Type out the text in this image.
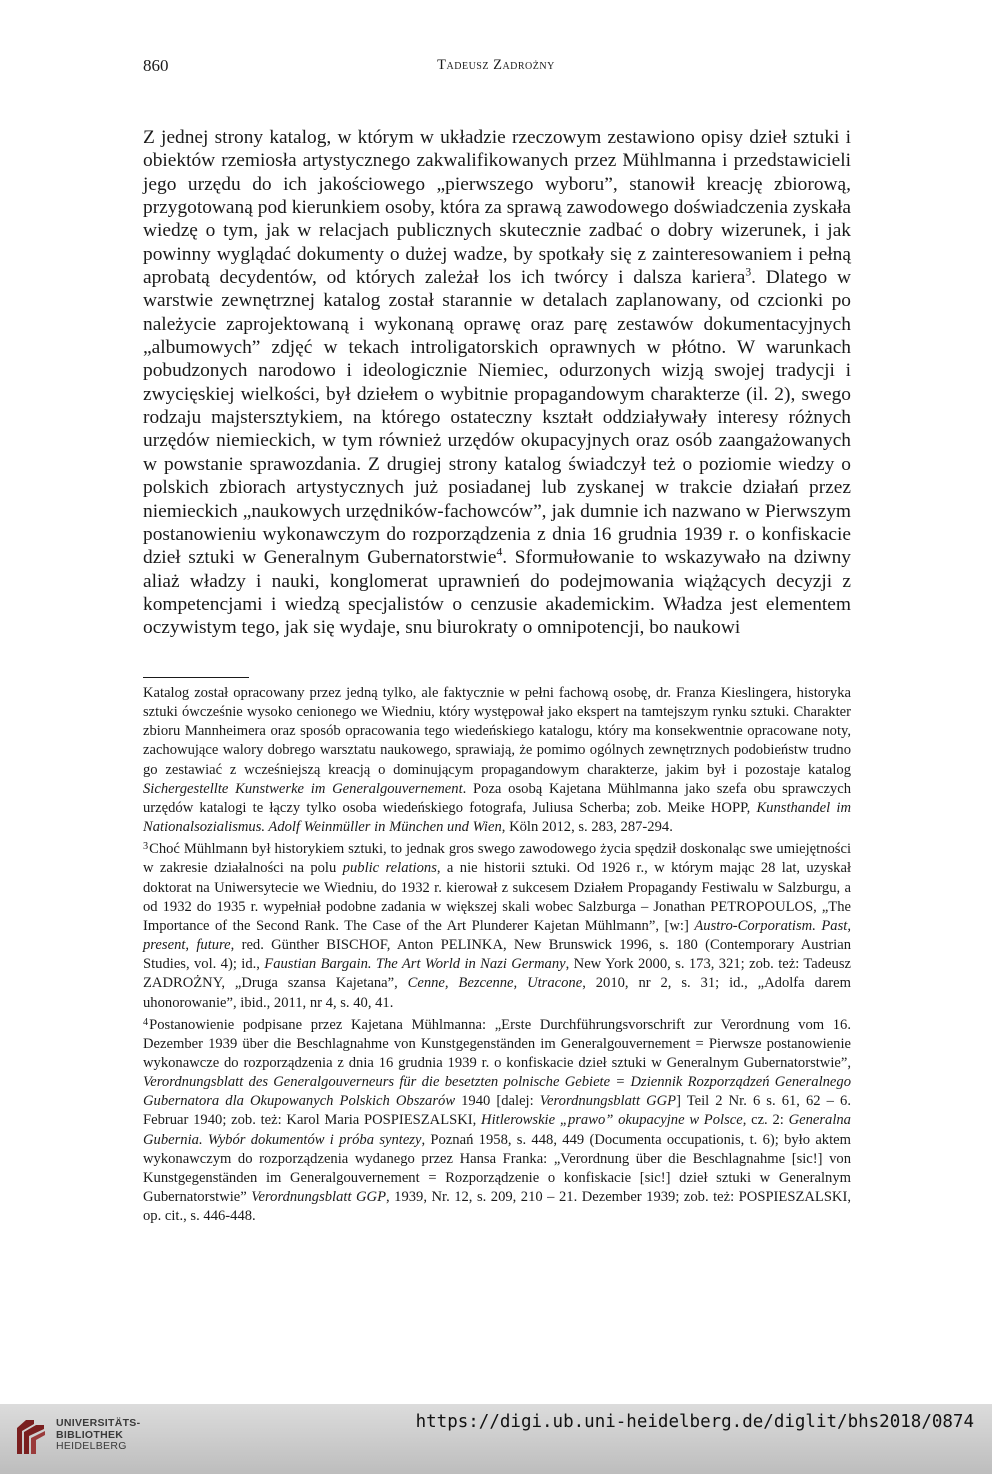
860	Tadeusz Zadrożny

Z jednej strony katalog, w którym w układzie rzeczowym zestawiono opisy dzieł sztuki i obiektów rzemiosła artystycznego zakwalifikowanych przez Mühlmanna i przedstawicieli jego urzędu do ich jakościowego „pierwszego wyboru”, stanowił kreację zbiorową, przygotowaną pod kierunkiem osoby, która za sprawą zawodowego doświadczenia zyskała wiedzę o tym, jak w relacjach publicznych skutecznie zadbać o dobry wizerunek, i jak powinny wyglądać dokumenty o dużej wadze, by spotkały się z zainteresowaniem i pełną aprobatą decydentów, od których zależał los ich twórcy i dalsza kariera$^3$. Dlatego w warstwie zewnętrznej katalog został starannie w detalach zaplanowany, od czcionki po należycie zaprojektowaną i wykonaną oprawę oraz parę zestawów dokumentacyjnych „albumowych” zdjęć w tekach introligatorskich oprawnych w płótno. W warunkach pobudzonych narodowo i ideologicznie Niemiec, odurzonych wizją swojej tradycji i zwycięskiej wielkości, był dziełem o wybitnie propagandowym charakterze (il. 2), swego rodzaju majstersztykiem, na którego ostateczny kształt oddziaływały interesy różnych urzędów niemieckich, w tym również urzędów okupacyjnych oraz osób zaangażowanych w powstanie sprawozdania. Z drugiej strony katalog świadczył też o poziomie wiedzy o polskich zbiorach artystycznych już posiadanej lub zyskanej w trakcie działań przez niemieckich „naukowych urzędników-fachowców”, jak dumnie ich nazwano w Pierwszym postanowieniu wykonawczym do rozporządzenia z dnia 16 grudnia 1939 r. o konfiskacie dzieł sztuki w Generalnym Gubernatorstwie$^4$. Sformułowanie to wskazywało na dziwny aliaż władzy i nauki, konglomerat uprawnień do podejmowania wiążących decyzji z kompetencjami i wiedzą specjalistów o cenzusie akademickim. Władza jest elementem oczywistym tego, jak się wydaje, snu biurokraty o omnipotencji, bo naukowi

Katalog został opracowany przez jedną tylko, ale faktycznie w pełni fachową osobę, dr. Franza Kieslingera, historyka sztuki ówcześnie wysoko cenionego we Wiedniu, który występował jako ekspert na tamtejszym rynku sztuki. Charakter zbioru Mannheimera oraz sposób opracowania tego wiedeńskiego katalogu, który ma konsekwentnie opracowane noty, zachowujące walory dobrego warsztatu naukowego, sprawiają, że pomimo ogólnych zewnętrznych podobieństw trudno go zestawiać z wcześniejszą kreacją o dominującym propagandowym charakterze, jakim był i pozostaje katalog Sichergestellte Kunstwerke im Generalgouvernement. Poza osobą Kajetana Mühlmanna jako szefa obu sprawczych urzędów katalogi te łączy tylko osoba wiedeńskiego fotografa, Juliusa Scherba; zob. Meike HOPP, Kunsthandel im Nationalsozialismus. Adolf Weinmüller in München und Wien, Köln 2012, s. 283, 287-294.

$^3$Choć Mühlmann był historykiem sztuki, to jednak gros swego zawodowego życia spędził doskonaląc swe umiejętności w zakresie działalności na polu public relations, a nie historii sztuki. Od 1926 r., w którym mając 28 lat, uzyskał doktorat na Uniwersytecie we Wiedniu, do 1932 r. kierował z sukcesem Działem Propagandy Festiwalu w Salzburgu, a od 1932 do 1935 r. wypełniał podobne zadania w większej skali wobec Salzburga – Jonathan PETROPOULOS, „The Importance of the Second Rank. The Case of the Art Plunderer Kajetan Mühlmann”, [w:] Austro-Corporatism. Past, present, future, red. Günther BISCHOF, Anton PELINKA, New Brunswick 1996, s. 180 (Contemporary Austrian Studies, vol. 4); id., Faustian Bargain. The Art World in Nazi Germany, New York 2000, s. 173, 321; zob. też: Tadeusz ZADROŻNY, „Druga szansa Kajetana”, Cenne, Bezcenne, Utracone, 2010, nr 2, s. 31; id., „Adolfa darem uhonorowanie”, ibid., 2011, nr 4, s. 40, 41.

$^4$Postanowienie podpisane przez Kajetana Mühlmanna: „Erste Durchführungsvorschrift zur Verordnung vom 16. Dezember 1939 über die Beschlagnahme von Kunstgegenständen im Generalgouvernement = Pierwsze postanowienie wykonawcze do rozporządzenia z dnia 16 grudnia 1939 r. o konfiskacie dzieł sztuki w Generalnym Gubernatorstwie”, Verordnungsblatt des Generalgouverneurs für die besetzten polnische Gebiete = Dziennik Rozporządzeń Generalnego Gubernatora dla Okupowanych Polskich Obszarów 1940 [dalej: Verordnungsblatt GGP] Teil 2 Nr. 6 s. 61, 62 – 6. Februar 1940; zob. też: Karol Maria POSPIESZALSKI, Hitlerowskie „prawo” okupacyjne w Polsce, cz. 2: Generalna Gubernia. Wybór dokumentów i próba syntezy, Poznań 1958, s. 448, 449 (Documenta occupationis, t. 6); było aktem wykonawczym do rozporządzenia wydanego przez Hansa Franka: „Verordnung über die Beschlagnahme [sic!] von Kunstgegenständen im Generalgouvernement = Rozporządzenie o konfiskacie [sic!] dzieł sztuki w Generalnym Gubernatorstwie” Verordnungsblatt GGP, 1939, Nr. 12, s. 209, 210 – 21. Dezember 1939; zob. też: POSPIESZALSKI, op. cit., s. 446-448.

UNIVERSITÄTS-
BIBLIOTHEK
HEIDELBERG
https://digi.ub.uni-heidelberg.de/diglit/bhs2018/0874
